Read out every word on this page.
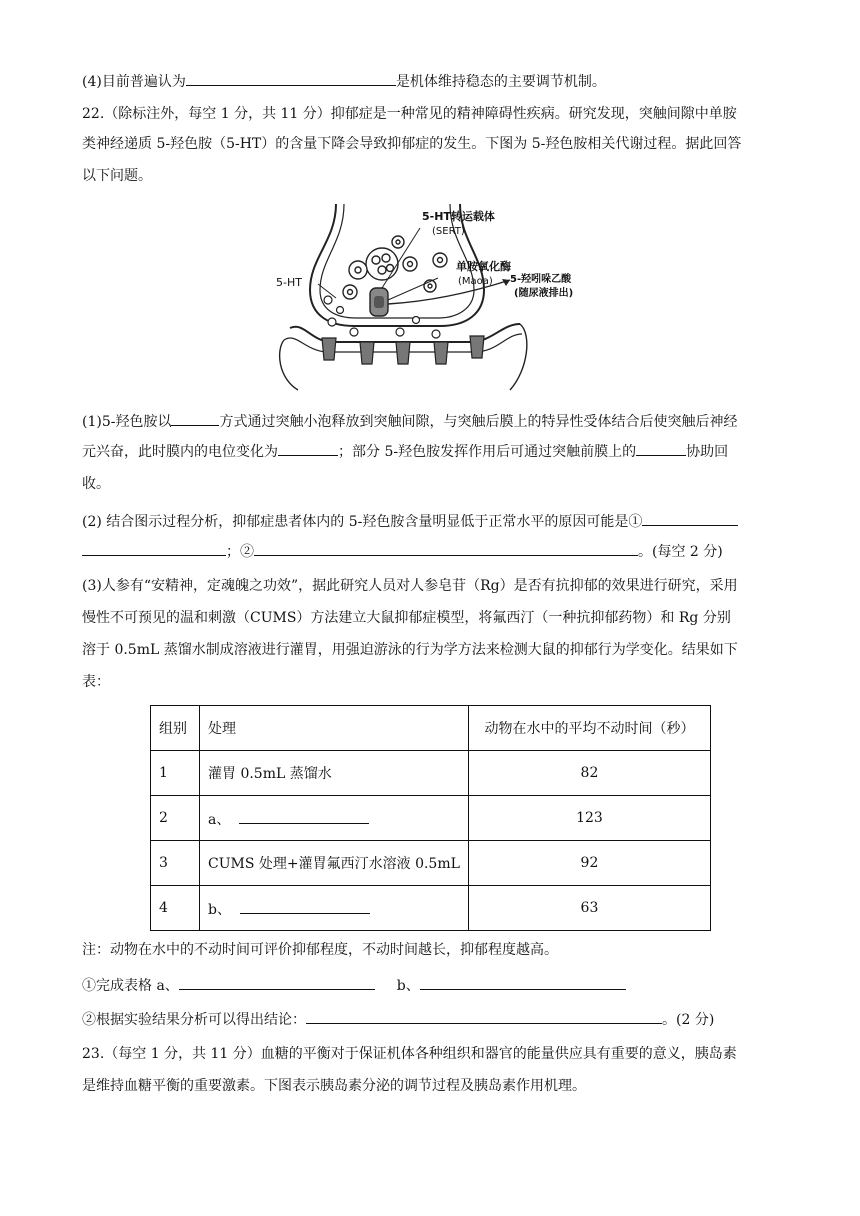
(4)目前普遍认为	是机体维持稳态的主要调节机制。
22.（除标注外，每空 1 分，共 11 分）抑郁症是一种常见的精神障碍性疾病。研究发现，突触间隙中单胺
类神经递质 5-羟色胺（5-HT）的含量下降会导致抑郁症的发生。下图为 5-羟色胺相关代谢过程。据此回答
以下问题。
5-HT转运载体
(SERT)
单胺氧化酶
(Maoa)
5-HT	5-羟吲哚乙酸
(随尿液排出)
(1)5-羟色胺以	方式通过突触小泡释放到突触间隙，与突触后膜上的特异性受体结合后使突触后神经
元兴奋，此时膜内的电位变化为	；部分 5-羟色胺发挥作用后可通过突触前膜上的	协助回
收。
(2) 结合图示过程分析，抑郁症患者体内的 5-羟色胺含量明显低于正常水平的原因可能是①
；②	。(每空 2 分)
(3)人参有“安精神，定魂魄之功效”，据此研究人员对人参皂苷（Rg）是否有抗抑郁的效果进行研究，采用
慢性不可预见的温和刺激（CUMS）方法建立大鼠抑郁症模型，将氟西汀（一种抗抑郁药物）和 Rg 分别
溶于 0.5mL 蒸馏水制成溶液进行灌胃，用强迫游泳的行为学方法来检测大鼠的抑郁行为学变化。结果如下
表：
组别	处理	动物在水中的平均不动时间（秒）
1	灌胃 0.5mL 蒸馏水	82
2	a、	123
3	CUMS 处理+灌胃氟西汀水溶液 0.5mL	92
4	b、	63
注：动物在水中的不动时间可评价抑郁程度，不动时间越长，抑郁程度越高。
①完成表格 a、	b、
②根据实验结果分析可以得出结论：	。(2 分)
23.（每空 1 分，共 11 分）血糖的平衡对于保证机体各种组织和器官的能量供应具有重要的意义，胰岛素
是维持血糖平衡的重要激素。下图表示胰岛素分泌的调节过程及胰岛素作用机理。
